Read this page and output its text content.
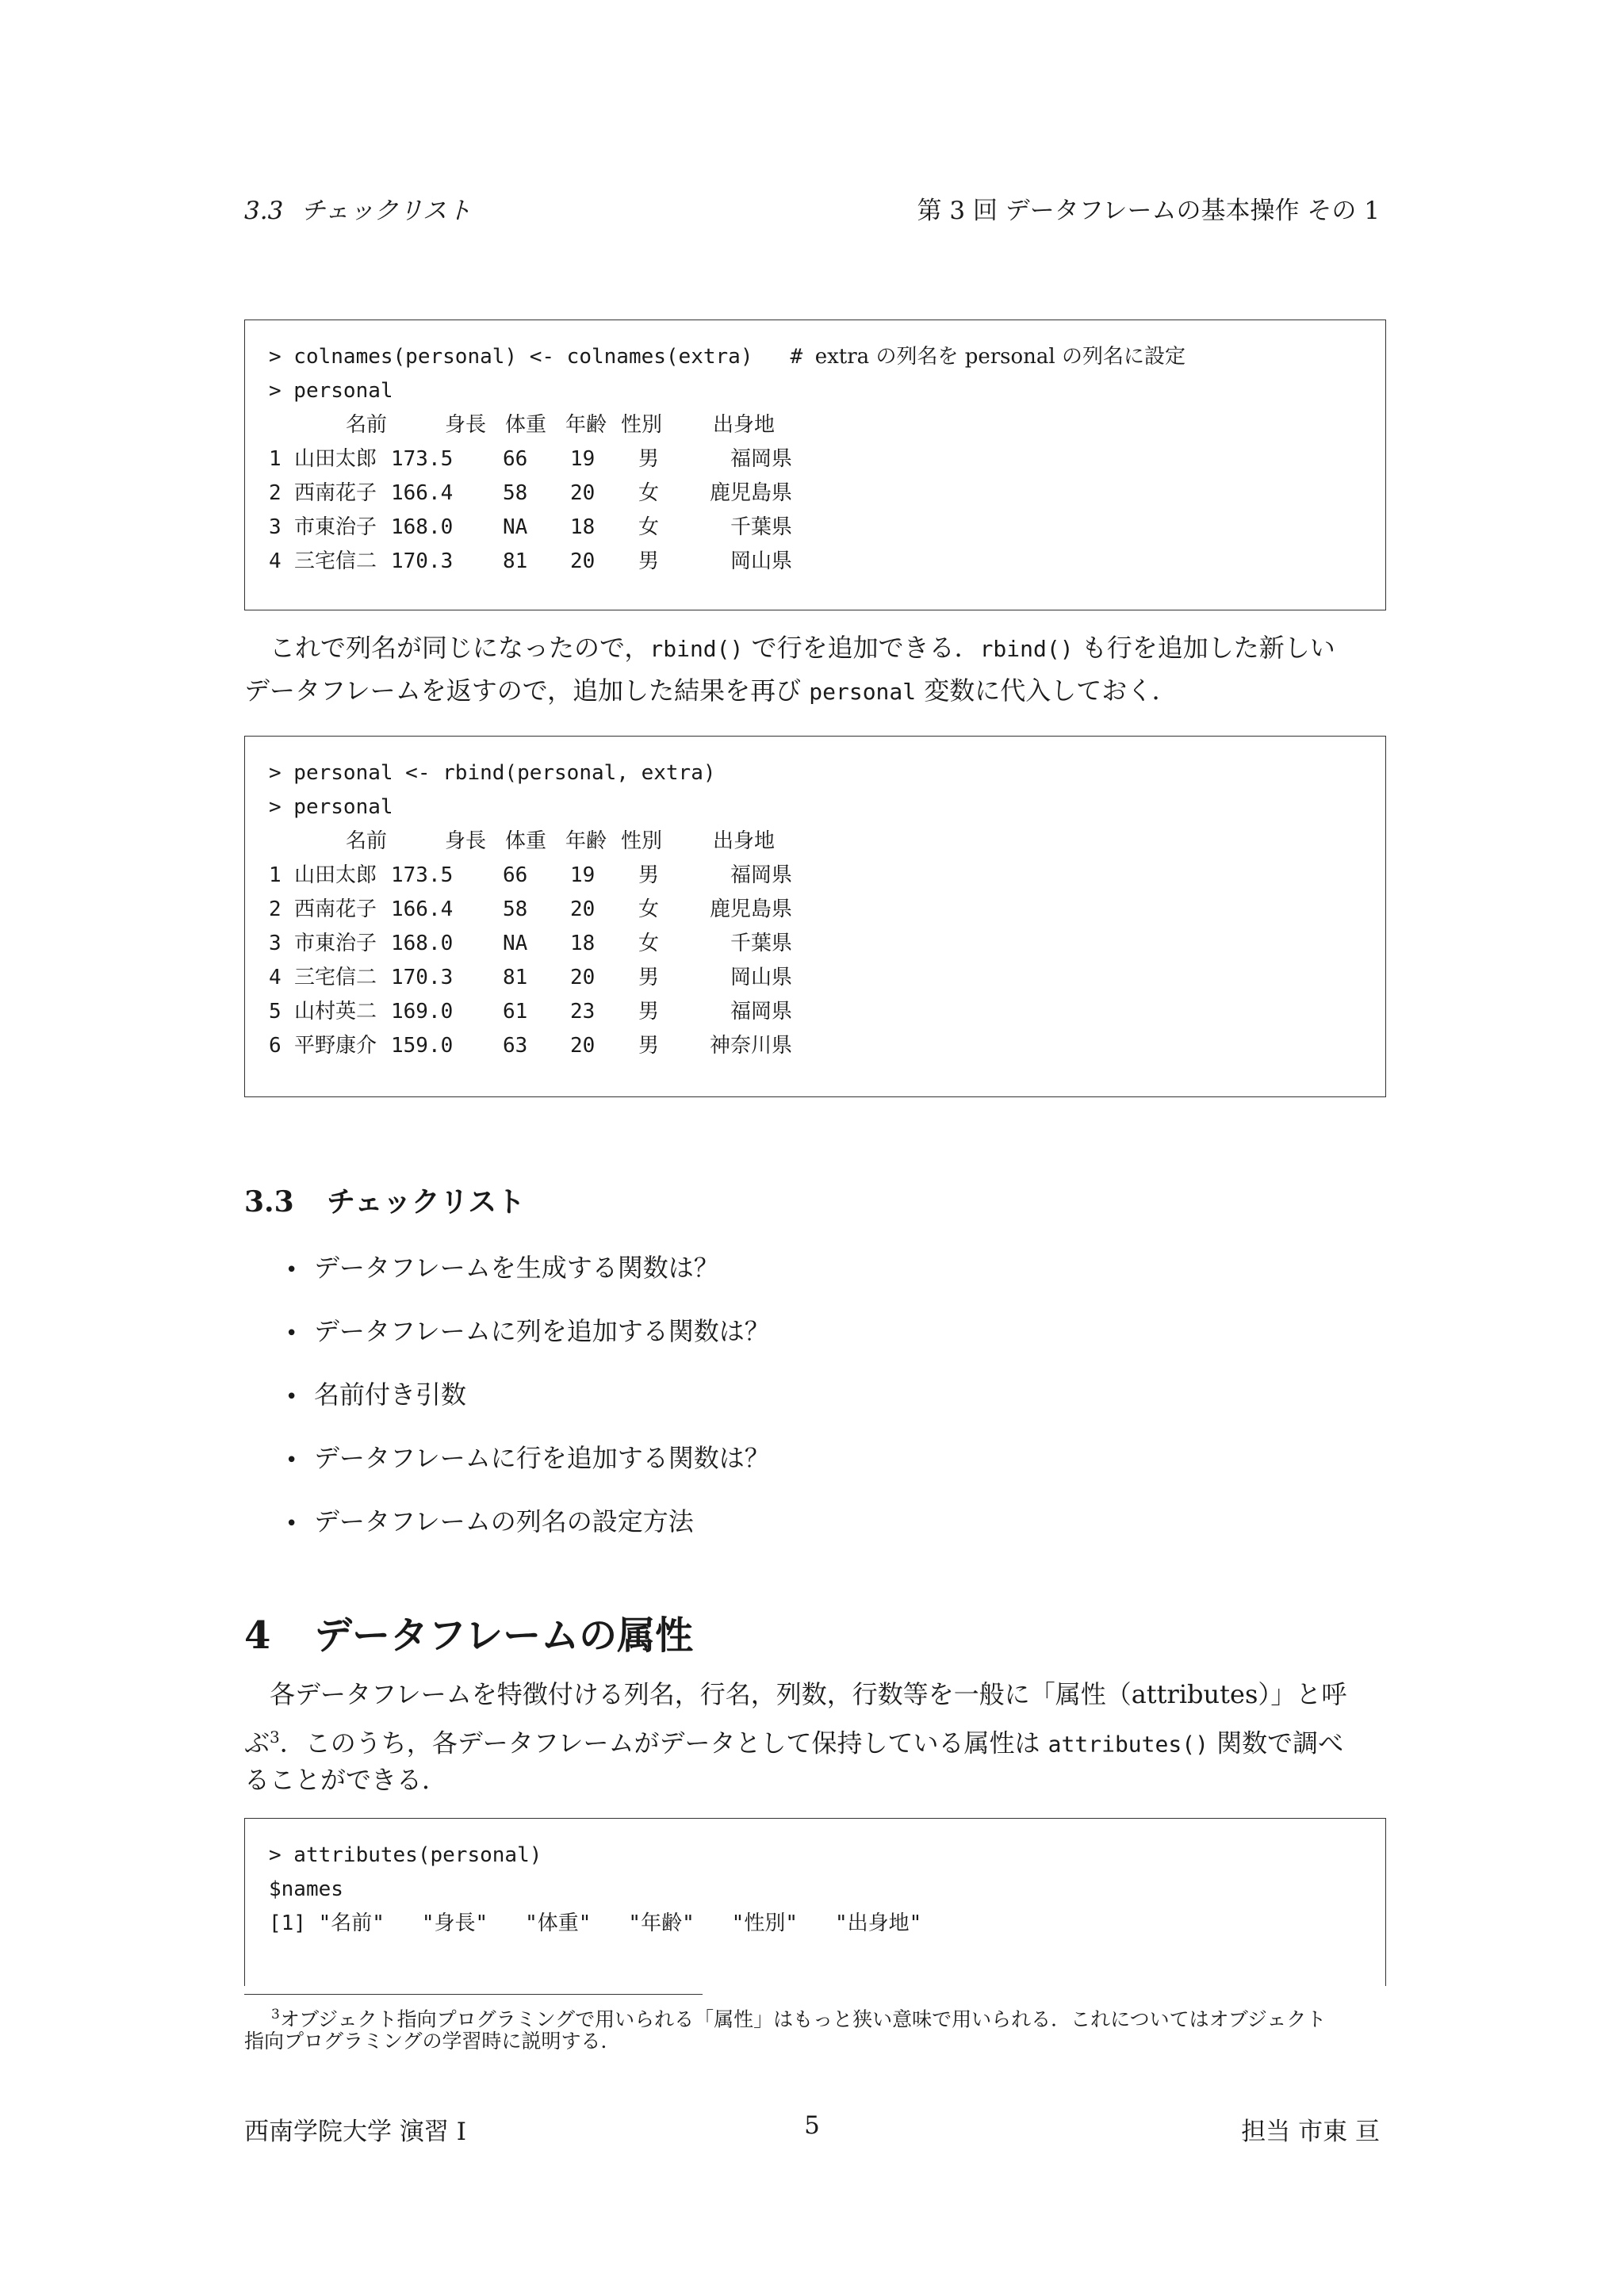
3.3 チェックリスト	第 3 回 データフレームの基本操作 その 1
> colnames(personal) <- colnames(extra)   # extra の列名を personal の列名に設定
> personal
名前	身長 体重 年齢 性別 出身地
1 山田太郎 173.5 66 19 男	福岡県
2 西南花子 166.4 58 20 女	鹿児島県
3 市東治子 168.0 NA 18 女	千葉県
4 三宅信二 170.3 81 20 男	岡山県
これで列名が同じになったので，rbind() で行を追加できる．rbind() も行を追加した新しい
データフレームを返すので，追加した結果を再び personal 変数に代入しておく．
> personal <- rbind(personal, extra)
> personal
名前	身長 体重 年齢 性別 出身地
1 山田太郎 173.5 66 19 男	福岡県
2 西南花子 166.4 58 20 女	鹿児島県
3 市東治子 168.0 NA 18 女	千葉県
4 三宅信二 170.3 81 20 男	岡山県
5 山村英二 169.0 61 23 男	福岡県
6 平野康介 159.0 63 20 男	神奈川県
3.3 チェックリスト
• データフレームを生成する関数は？
• データフレームに列を追加する関数は？
• 名前付き引数
• データフレームに行を追加する関数は？
• データフレームの列名の設定方法
4 データフレームの属性
各データフレームを特徴付ける列名，行名，列数，行数等を一般に「属性（attributes）」と呼
ぶ$^3$．このうち，各データフレームがデータとして保持している属性は attributes() 関数で調べ
ることができる．
> attributes(personal)
$names
[1] "名前"   "身長"   "体重"   "年齢"   "性別"   "出身地"
$^3$オブジェクト指向プログラミングで用いられる「属性」はもっと狭い意味で用いられる．これについてはオブジェクト
指向プログラミングの学習時に説明する．
西南学院大学 演習 I	5	担当 市東 亘
